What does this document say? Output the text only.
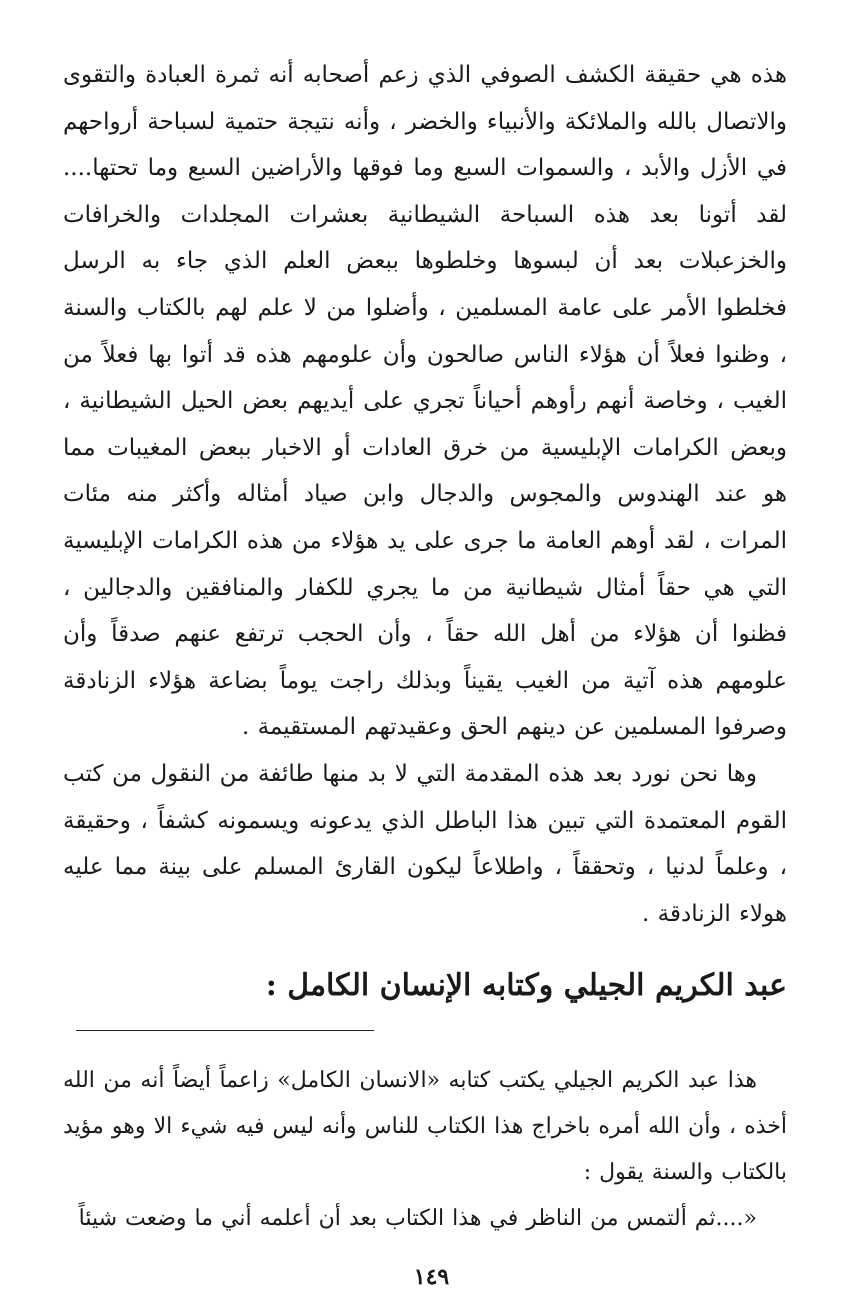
هذه هي حقيقة الكشف الصوفي الذي زعم أصحابه أنه ثمرة العبادة والتقوى والاتصال بالله والملائكة والأنبياء والخضر ، وأنه نتيجة حتمية لسباحة أرواحهم في الأزل والأبد ، والسموات السبع وما فوقها والأراضين السبع وما تحتها.... لقد أتونا بعد هذه السباحة الشيطانية بعشرات المجلدات والخرافات والخزعبلات بعد أن لبسوها وخلطوها ببعض العلم الذي جاء به الرسل فخلطوا الأمر على عامة المسلمين ، وأضلوا من لا علم لهم بالكتاب والسنة ، وظنوا فعلاً أن هؤلاء الناس صالحون وأن علومهم هذه قد أتوا بها فعلاً من الغيب ، وخاصة أنهم رأوهم أحياناً تجري على أيديهم بعض الحيل الشيطانية ، وبعض الكرامات الإبليسية من خرق العادات أو الاخبار ببعض المغيبات مما هو عند الهندوس والمجوس والدجال وابن صياد أمثاله وأكثر منه مئات المرات ، لقد أوهم العامة ما جرى على يد هؤلاء من هذه الكرامات الإبليسية التي هي حقاً أمثال شيطانية من ما يجري للكفار والمنافقين والدجالين ، فظنوا أن هؤلاء من أهل الله حقاً ، وأن الحجب ترتفع عنهم صدقاً وأن علومهم هذه آتية من الغيب يقيناً وبذلك راجت يوماً بضاعة هؤلاء الزنادقة وصرفوا المسلمين عن دينهم الحق وعقيدتهم المستقيمة .

وها نحن نورد بعد هذه المقدمة التي لا بد منها طائفة من النقول من كتب القوم المعتمدة التي تبين هذا الباطل الذي يدعونه ويسمونه كشفاً ، وحقيقة ، وعلماً لدنيا ، وتحققاً ، واطلاعاً ليكون القارئ المسلم على بينة مما عليه هولاء الزنادقة .

عبد الكريم الجيلي وكتابه الإنسان الكامل :

هذا عبد الكريم الجيلي يكتب كتابه «الانسان الكامل» زاعماً أيضاً أنه من الله أخذه ، وأن الله أمره باخراج هذا الكتاب للناس وأنه ليس فيه شيء الا وهو مؤيد بالكتاب والسنة يقول :

«....ثم ألتمس من الناظر في هذا الكتاب بعد أن أعلمه أني ما وضعت شيئاً

١٤٩
